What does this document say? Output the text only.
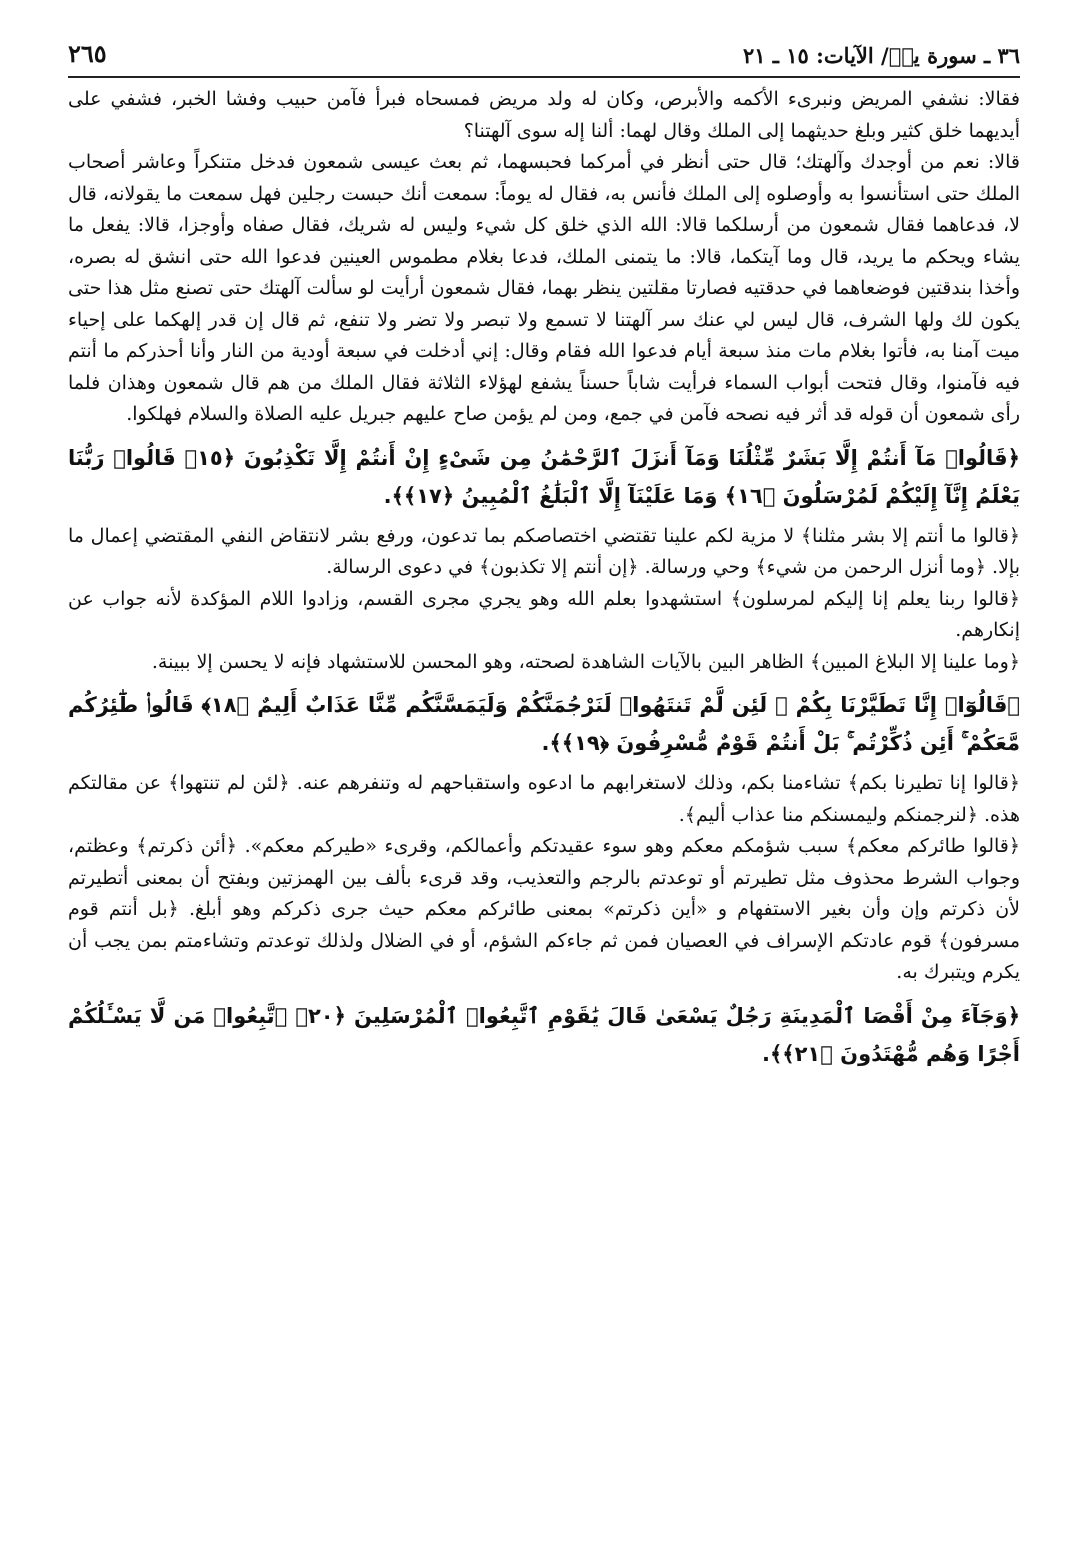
٣٦ ـ سورة يسۤ/ الآيات: ١٥ ـ ٢١
٢٦٥

فقالا: نشفي المريض ونبرىء الأكمه والأبرص، وكان له ولد مريض فمسحاه فبرأ فآمن حبيب وفشا الخبر، فشفي على أيديهما خلق كثير وبلغ حديثهما إلى الملك وقال لهما: ألنا إله سوى آلهتنا؟

قالا: نعم من أوجدك وآلهتك؛ قال حتى أنظر في أمركما فحبسهما، ثم بعث عيسى شمعون فدخل متنكراً وعاشر أصحاب الملك حتى استأنسوا به وأوصلوه إلى الملك فأنس به، فقال له يوماً: سمعت أنك حبست رجلين فهل سمعت ما يقولانه، قال لا، فدعاهما فقال شمعون من أرسلكما قالا: الله الذي خلق كل شيء وليس له شريك، فقال صفاه وأوجزا، قالا: يفعل ما يشاء ويحكم ما يريد، قال وما آيتكما، قالا: ما يتمنى الملك، فدعا بغلام مطموس العينين فدعوا الله حتى انشق له بصره، وأخذا بندقتين فوضعاهما في حدقتيه فصارتا مقلتين ينظر بهما، فقال شمعون أرأيت لو سألت آلهتك حتى تصنع مثل هذا حتى يكون لك ولها الشرف، قال ليس لي عنك سر آلهتنا لا تسمع ولا تبصر ولا تضر ولا تنفع، ثم قال إن قدر إلهكما على إحياء ميت آمنا به، فأتوا بغلام مات منذ سبعة أيام فدعوا الله فقام وقال: إني أدخلت في سبعة أودية من النار وأنا أحذركم ما أنتم فيه فآمنوا، وقال فتحت أبواب السماء فرأيت شاباً حسناً يشفع لهؤلاء الثلاثة فقال الملك من هم قال شمعون وهذان فلما رأى شمعون أن قوله قد أثر فيه نصحه فآمن في جمع، ومن لم يؤمن صاح عليهم جبريل عليه الصلاة والسلام فهلكوا.

﴿قَالُوا۟ مَآ أَنتُمْ إِلَّا بَشَرٌ مِّثْلُنَا وَمَآ أَنزَلَ ٱلرَّحْمَٰنُ مِن شَىْءٍ إِنْ أَنتُمْ إِلَّا تَكْذِبُونَ ﴿١٥﴾ قَالُوا۟ رَبُّنَا يَعْلَمُ إِنَّآ إِلَيْكُمْ لَمُرْسَلُونَ ﴿١٦﴾ وَمَا عَلَيْنَآ إِلَّا ٱلْبَلَٰغُ ٱلْمُبِينُ ﴿١٧﴾﴾.

﴿قالوا ما أنتم إلا بشر مثلنا﴾ لا مزية لكم علينا تقتضي اختصاصكم بما تدعون، ورفع بشر لانتقاض النفي المقتضي إعمال ما بإلا. ﴿وما أنزل الرحمن من شيء﴾ وحي ورسالة. ﴿إن أنتم إلا تكذبون﴾ في دعوى الرسالة.

﴿قالوا ربنا يعلم إنا إليكم لمرسلون﴾ استشهدوا بعلم الله وهو يجري مجرى القسم، وزادوا اللام المؤكدة لأنه جواب عن إنكارهم.

﴿وما علينا إلا البلاغ المبين﴾ الظاهر البين بالآيات الشاهدة لصحته، وهو المحسن للاستشهاد فإنه لا يحسن إلا ببينة.

﴿قَالُوٓا۟ إِنَّا تَطَيَّرْنَا بِكُمْ ۖ لَئِن لَّمْ تَنتَهُوا۟ لَنَرْجُمَنَّكُمْ وَلَيَمَسَّنَّكُم مِّنَّا عَذَابٌ أَلِيمٌ ﴿١٨﴾ قَالُوا۟ طَٰٓئِرُكُم مَّعَكُمْ ۚ أَئِن ذُكِّرْتُم ۚ بَلْ أَنتُمْ قَوْمٌ مُّسْرِفُونَ ﴿١٩﴾﴾.

﴿قالوا إنا تطيرنا بكم﴾ تشاءمنا بكم، وذلك لاستغرابهم ما ادعوه واستقباحهم له وتنفرهم عنه. ﴿لئن لم تنتهوا﴾ عن مقالتكم هذه. ﴿لنرجمنكم وليمسنكم منا عذاب أليم﴾.

﴿قالوا طائركم معكم﴾ سبب شؤمكم معكم وهو سوء عقيدتكم وأعمالكم، وقرىء «طيركم معكم». ﴿أئن ذكرتم﴾ وعظتم، وجواب الشرط محذوف مثل تطيرتم أو توعدتم بالرجم والتعذيب، وقد قرىء بألف بين الهمزتين وبفتح أن بمعنى أتطيرتم لأن ذكرتم وإن وأن بغير الاستفهام و «أين ذكرتم» بمعنى طائركم معكم حيث جرى ذكركم وهو أبلغ. ﴿بل أنتم قوم مسرفون﴾ قوم عادتكم الإسراف في العصيان فمن ثم جاءكم الشؤم، أو في الضلال ولذلك توعدتم وتشاءمتم بمن يجب أن يكرم ويتبرك به.

﴿وَجَآءَ مِنْ أَقْصَا ٱلْمَدِينَةِ رَجُلٌ يَسْعَىٰ قَالَ يَٰقَوْمِ ٱتَّبِعُوا۟ ٱلْمُرْسَلِينَ ﴿٢٠﴾ ٱتَّبِعُوا۟ مَن لَّا يَسْـَٔلُكُمْ أَجْرًا وَهُم مُّهْتَدُونَ ﴿٢١﴾﴾.
